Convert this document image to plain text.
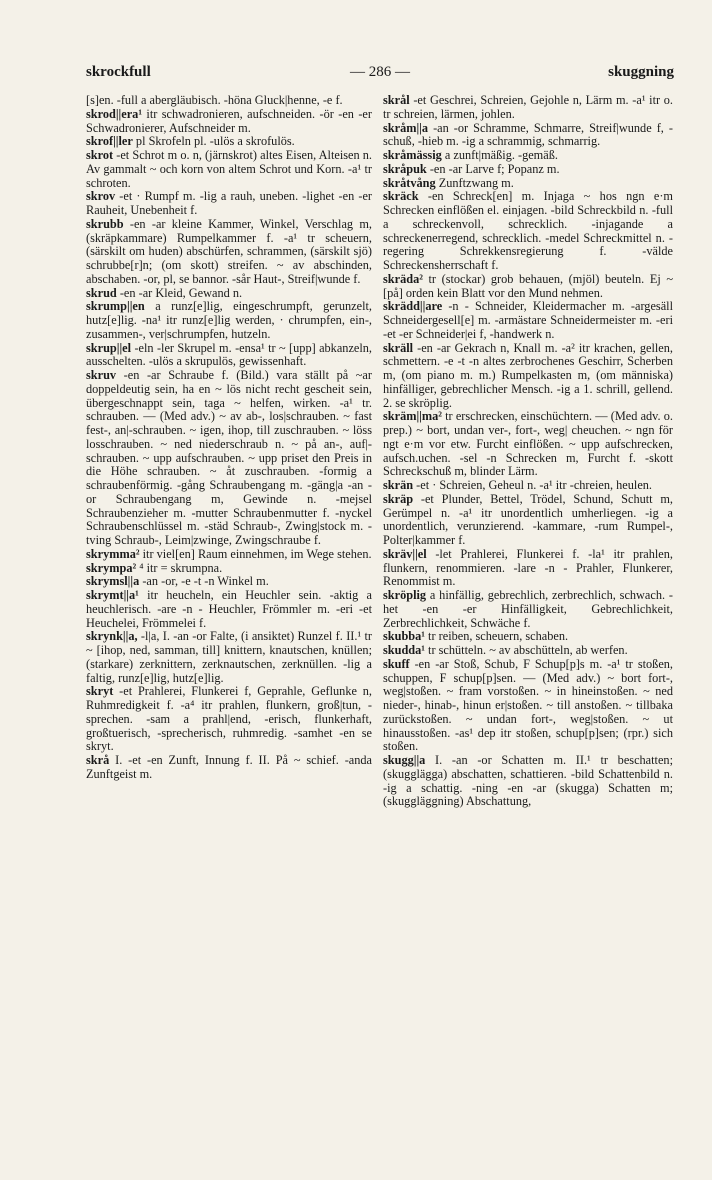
skrockfull	— 286 —	skuggning
[s]en. -full a abergläubisch. -höna Gluck|henne, -e f.
skrod||era¹ itr schwadronieren, aufschneiden. -ör -en -er Schwadronierer, Aufschneider m.
skrof||ler pl Skrofeln pl. -ulös a skrofulös.
skrot -et Schrot m o. n, (järnskrot) altes Eisen, Alteisen n. Av gammalt ~ och korn von altem Schrot und Korn. -a¹ tr schroten.
skrov -et · Rumpf m. -lig a rauh, uneben. -lighet -en -er Rauheit, Unebenheit f.
skrubb -en -ar kleine Kammer, Winkel, Verschlag m, (skräpkammare) Rumpelkammer f. -a¹ tr scheuern, (särskilt om huden) abschürfen, schrammen, (särskilt sjö) schrubbe[r]n; (om skott) streifen. ~ av abschinden, abschaben. -or, pl, se bannor. -sår Haut-, Streif|wunde f.
skrud -en -ar Kleid, Gewand n.
skrump||en a runz[e]lig, eingeschrumpft, gerunzelt, hutz[e]lig. -na¹ itr runz[e]lig werden, · chrumpfen, ein-, zusammen-, ver|schrumpfen, hutzeln.
skrup||el -eln -ler Skrupel m. -ensa¹ tr ~ [upp] abkanzeln, ausschelten. -ulös a skrupulös, gewissenhaft.
skruv -en -ar Schraube f. (Bild.) vara ställt på ~ar doppeldeutig sein, ha en ~ lös nicht recht gescheit sein, übergeschnappt sein, taga ~ helfen, wirken. -a¹ tr. schrauben. — (Med adv.) ~ av ab-, los|schrauben. ~ fast fest-, an|-schrauben. ~ igen, ihop, till zuschrauben. ~ löss losschrauben. ~ ned niederschraub n. ~ på an-, auf|-schrauben. ~ upp aufschrauben. ~ upp priset den Preis in die Höhe schrauben. ~ åt zuschrauben. -formig a schraubenförmig. -gång Schraubengang m. -gäng|a -an -or Schraubengang m, Gewinde n. -mejsel Schraubenzieher m. -mutter Schraubenmutter f. -nyckel Schraubenschlüssel m. -städ Schraub-, Zwing|stock m. -tving Schraub-, Leim|zwinge, Zwingschraube f.
skrymma² itr viel[en] Raum einnehmen, im Wege stehen.
skrympa² ⁴ itr = skrumpna.
skrymsl||a -an -or, -e -t -n Winkel m.
skrymt||a¹ itr heucheln, ein Heuchler sein. -aktig a heuchlerisch. -are -n - Heuchler, Frömmler m. -eri -et Heuchelei, Frömmelei f.
skrynk||a, -l|a, I. -an -or Falte, (i ansiktet) Runzel f. II.¹ tr ~ [ihop, ned, samman, till] knittern, knautschen, knüllen; (starkare) zerknittern, zerknautschen, zerknüllen. -lig a faltig, runz[e]lig, hutz[e]lig.
skryt -et Prahlerei, Flunkerei f, Geprahle, Geflunke n, Ruhmredigkeit f. -a⁴ itr prahlen, flunkern, groß|tun, -sprechen. -sam a prahl|end, -erisch, flunkerhaft, großtuerisch, -sprecherisch, ruhmredig. -samhet -en se skryt.
skrå I. -et -en Zunft, Innung f. II. På ~ schief. -anda Zunftgeist m.
skrål -et Geschrei, Schreien, Gejohle n, Lärm m. -a¹ itr o. tr schreien, lärmen, johlen.
skråm||a -an -or Schramme, Schmarre, Streif|wunde f, -schuß, -hieb m. -ig a schrammig, schmarrig.
skråmässig a zunft|mäßig. -gemäß.
skråpuk -en -ar Larve f; Popanz m.
skråtvång Zunftzwang m.
skräck -en Schreck[en] m. Injaga ~ hos ngn e·m Schrecken einflößen el. einjagen. -bild Schreckbild n. -full a schreckenvoll, schrecklich. -injagande a schreckenerregend, schrecklich. -medel Schreckmittel n. -regering Schrekkensregierung f. -välde Schreckensherrschaft f.
skräda² tr (stockar) grob behauen, (mjöl) beuteln. Ej ~ [på] orden kein Blatt vor den Mund nehmen.
skrädd||are -n - Schneider, Kleidermacher m. -argesäll Schneidergesell[e] m. -armästare Schneidermeister m. -eri -et -er Schneider|ei f, -handwerk n.
skräll -en -ar Gekrach n, Knall m. -a² itr krachen, gellen, schmettern. -e -t -n altes zerbrochenes Geschirr, Scherben m, (om piano m. m.) Rumpelkasten m, (om människa) hinfälliger, gebrechlicher Mensch. -ig a 1. schrill, gellend. 2. se skröplig.
skräm||ma² tr erschrecken, einschüchtern. — (Med adv. o. prep.) ~ bort, undan ver-, fort-, weg| cheuchen. ~ ngn för ngt e·m vor etw. Furcht einflößen. ~ upp aufschrecken, aufsch.uchen. -sel -n Schrecken m, Furcht f. -skott Schreckschuß m, blinder Lärm.
skrän -et · Schreien, Geheul n. -a¹ itr -chreien, heulen.
skräp -et Plunder, Bettel, Trödel, Schund, Schutt m, Gerümpel n. -a¹ itr unordentlich umherliegen. -ig a unordentlich, verunzierend. -kammare, -rum Rumpel-, Polter|kammer f.
skräv||el -let Prahlerei, Flunkerei f. -la¹ itr prahlen, flunkern, renommieren. -lare -n - Prahler, Flunkerer, Renommist m.
skröplig a hinfällig, gebrechlich, zerbrechlich, schwach. -het -en -er Hinfälligkeit, Gebrechlichkeit, Zerbrechlichkeit, Schwäche f.
skubba¹ tr reiben, scheuern, schaben.
skudda¹ tr schütteln. ~ av abschütteln, ab werfen.
skuff -en -ar Stoß, Schub, F Schup[p]s m. -a¹ tr stoßen, schuppen, F schup[p]sen. — (Med adv.) ~ bort fort-, weg|stoßen. ~ fram vorstoßen. ~ in hineinstoßen. ~ ned nieder-, hinab-, hinun er|stoßen. ~ till anstoßen. ~ tillbaka zurückstoßen. ~ undan fort-, weg|stoßen. ~ ut hinausstoßen. -as¹ dep itr stoßen, schup[p]sen; (rpr.) sich stoßen.
skugg||a I. -an -or Schatten m. II.¹ tr beschatten; (skugglägga) abschatten, schattieren. -bild Schattenbild n. -ig a schattig. -ning -en -ar (skugga) Schatten m; (skuggläggning) Abschattung,
